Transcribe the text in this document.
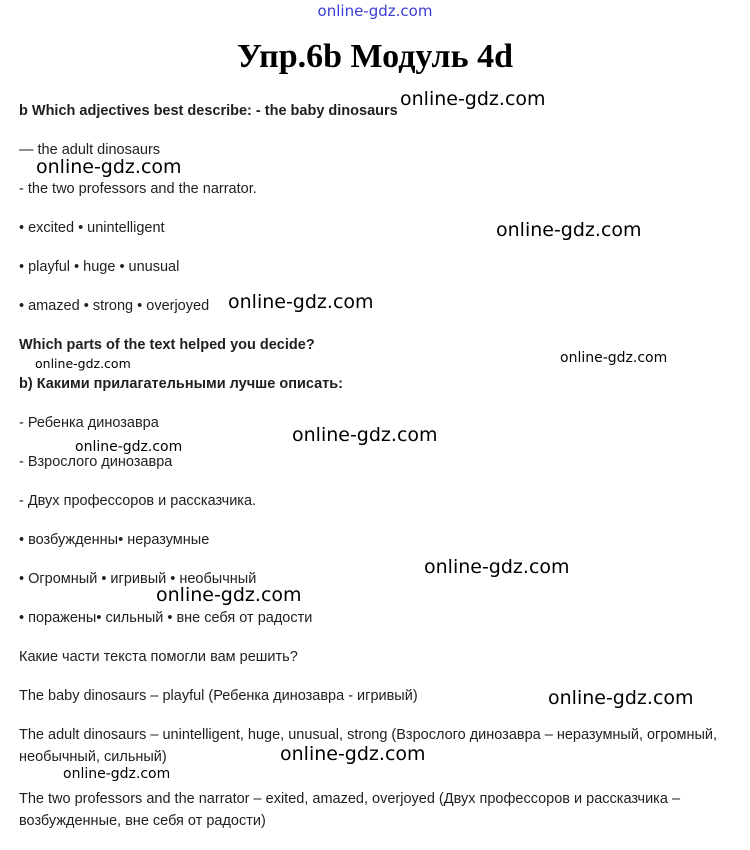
online-gdz.com
Упр.6b Модуль 4d
b Which adjectives best describe: - the baby dinosaurs
— the adult dinosaurs
- the two professors and the narrator.
• excited • unintelligent
• playful • huge • unusual
• amazed • strong • overjoyed
Which parts of the text helped you decide?
b) Какими прилагательными лучше описать:
- Ребенка динозавра
- Взрослого динозавра
- Двух профессоров и рассказчика.
• возбужденны• неразумные
• Огромный • игривый • необычный
• поражены• сильный • вне себя от радости
Какие части текста помогли вам решить?
The baby dinosaurs – playful (Ребенка динозавра - игривый)
The adult dinosaurs – unintelligent, huge, unusual, strong (Взрослого динозавра – неразумный, огромный, необычный, сильный)
The two professors and the narrator – exited, amazed, overjoyed (Двух профессоров и рассказчика – возбужденные, вне себя от радости)
online-gdz.com
online-gdz.com
online-gdz.com
online-gdz.com
online-gdz.com	online-gdz.com
online-gdz.com
online-gdz.com
online-gdz.com
online-gdz.com
online-gdz.com
online-gdz.com
online-gdz.com
